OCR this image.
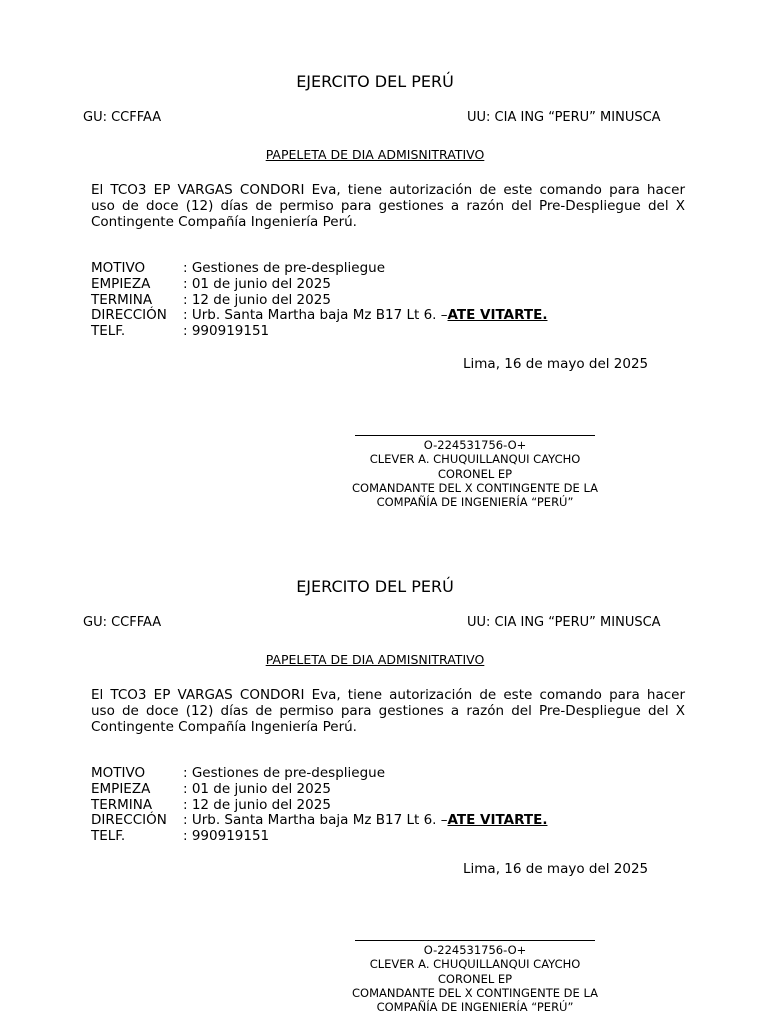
EJERCITO DEL PERÚ
GU: CCFFAA	UU: CIA ING “PERU” MINUSCA
PAPELETA DE DIA ADMISNITRATIVO
El TCO3 EP VARGAS CONDORI Eva, tiene autorización de este comando para hacer
uso de doce (12) días de permiso para gestiones a razón del Pre-Despliegue del X
Contingente Compañía Ingeniería Perú.
MOTIVO	: Gestiones de pre-despliegue
EMPIEZA	: 01 de junio del 2025
TERMINA	: 12 de junio del 2025
DIRECCIÓN	: Urb. Santa Martha baja Mz B17 Lt 6. –ATE VITARTE.
TELF.	: 990919151
Lima, 16 de mayo del 2025
O-224531756-O+
CLEVER A. CHUQUILLANQUI CAYCHO
CORONEL EP
COMANDANTE DEL X CONTINGENTE DE LA
COMPAÑÍA DE INGENIERÍA “PERÚ”
EJERCITO DEL PERÚ
GU: CCFFAA	UU: CIA ING “PERU” MINUSCA
PAPELETA DE DIA ADMISNITRATIVO
El TCO3 EP VARGAS CONDORI Eva, tiene autorización de este comando para hacer
uso de doce (12) días de permiso para gestiones a razón del Pre-Despliegue del X
Contingente Compañía Ingeniería Perú.
MOTIVO	: Gestiones de pre-despliegue
EMPIEZA	: 01 de junio del 2025
TERMINA	: 12 de junio del 2025
DIRECCIÓN	: Urb. Santa Martha baja Mz B17 Lt 6. –ATE VITARTE.
TELF.	: 990919151
Lima, 16 de mayo del 2025
O-224531756-O+
CLEVER A. CHUQUILLANQUI CAYCHO
CORONEL EP
COMANDANTE DEL X CONTINGENTE DE LA
COMPAÑÍA DE INGENIERÍA “PERÚ”
